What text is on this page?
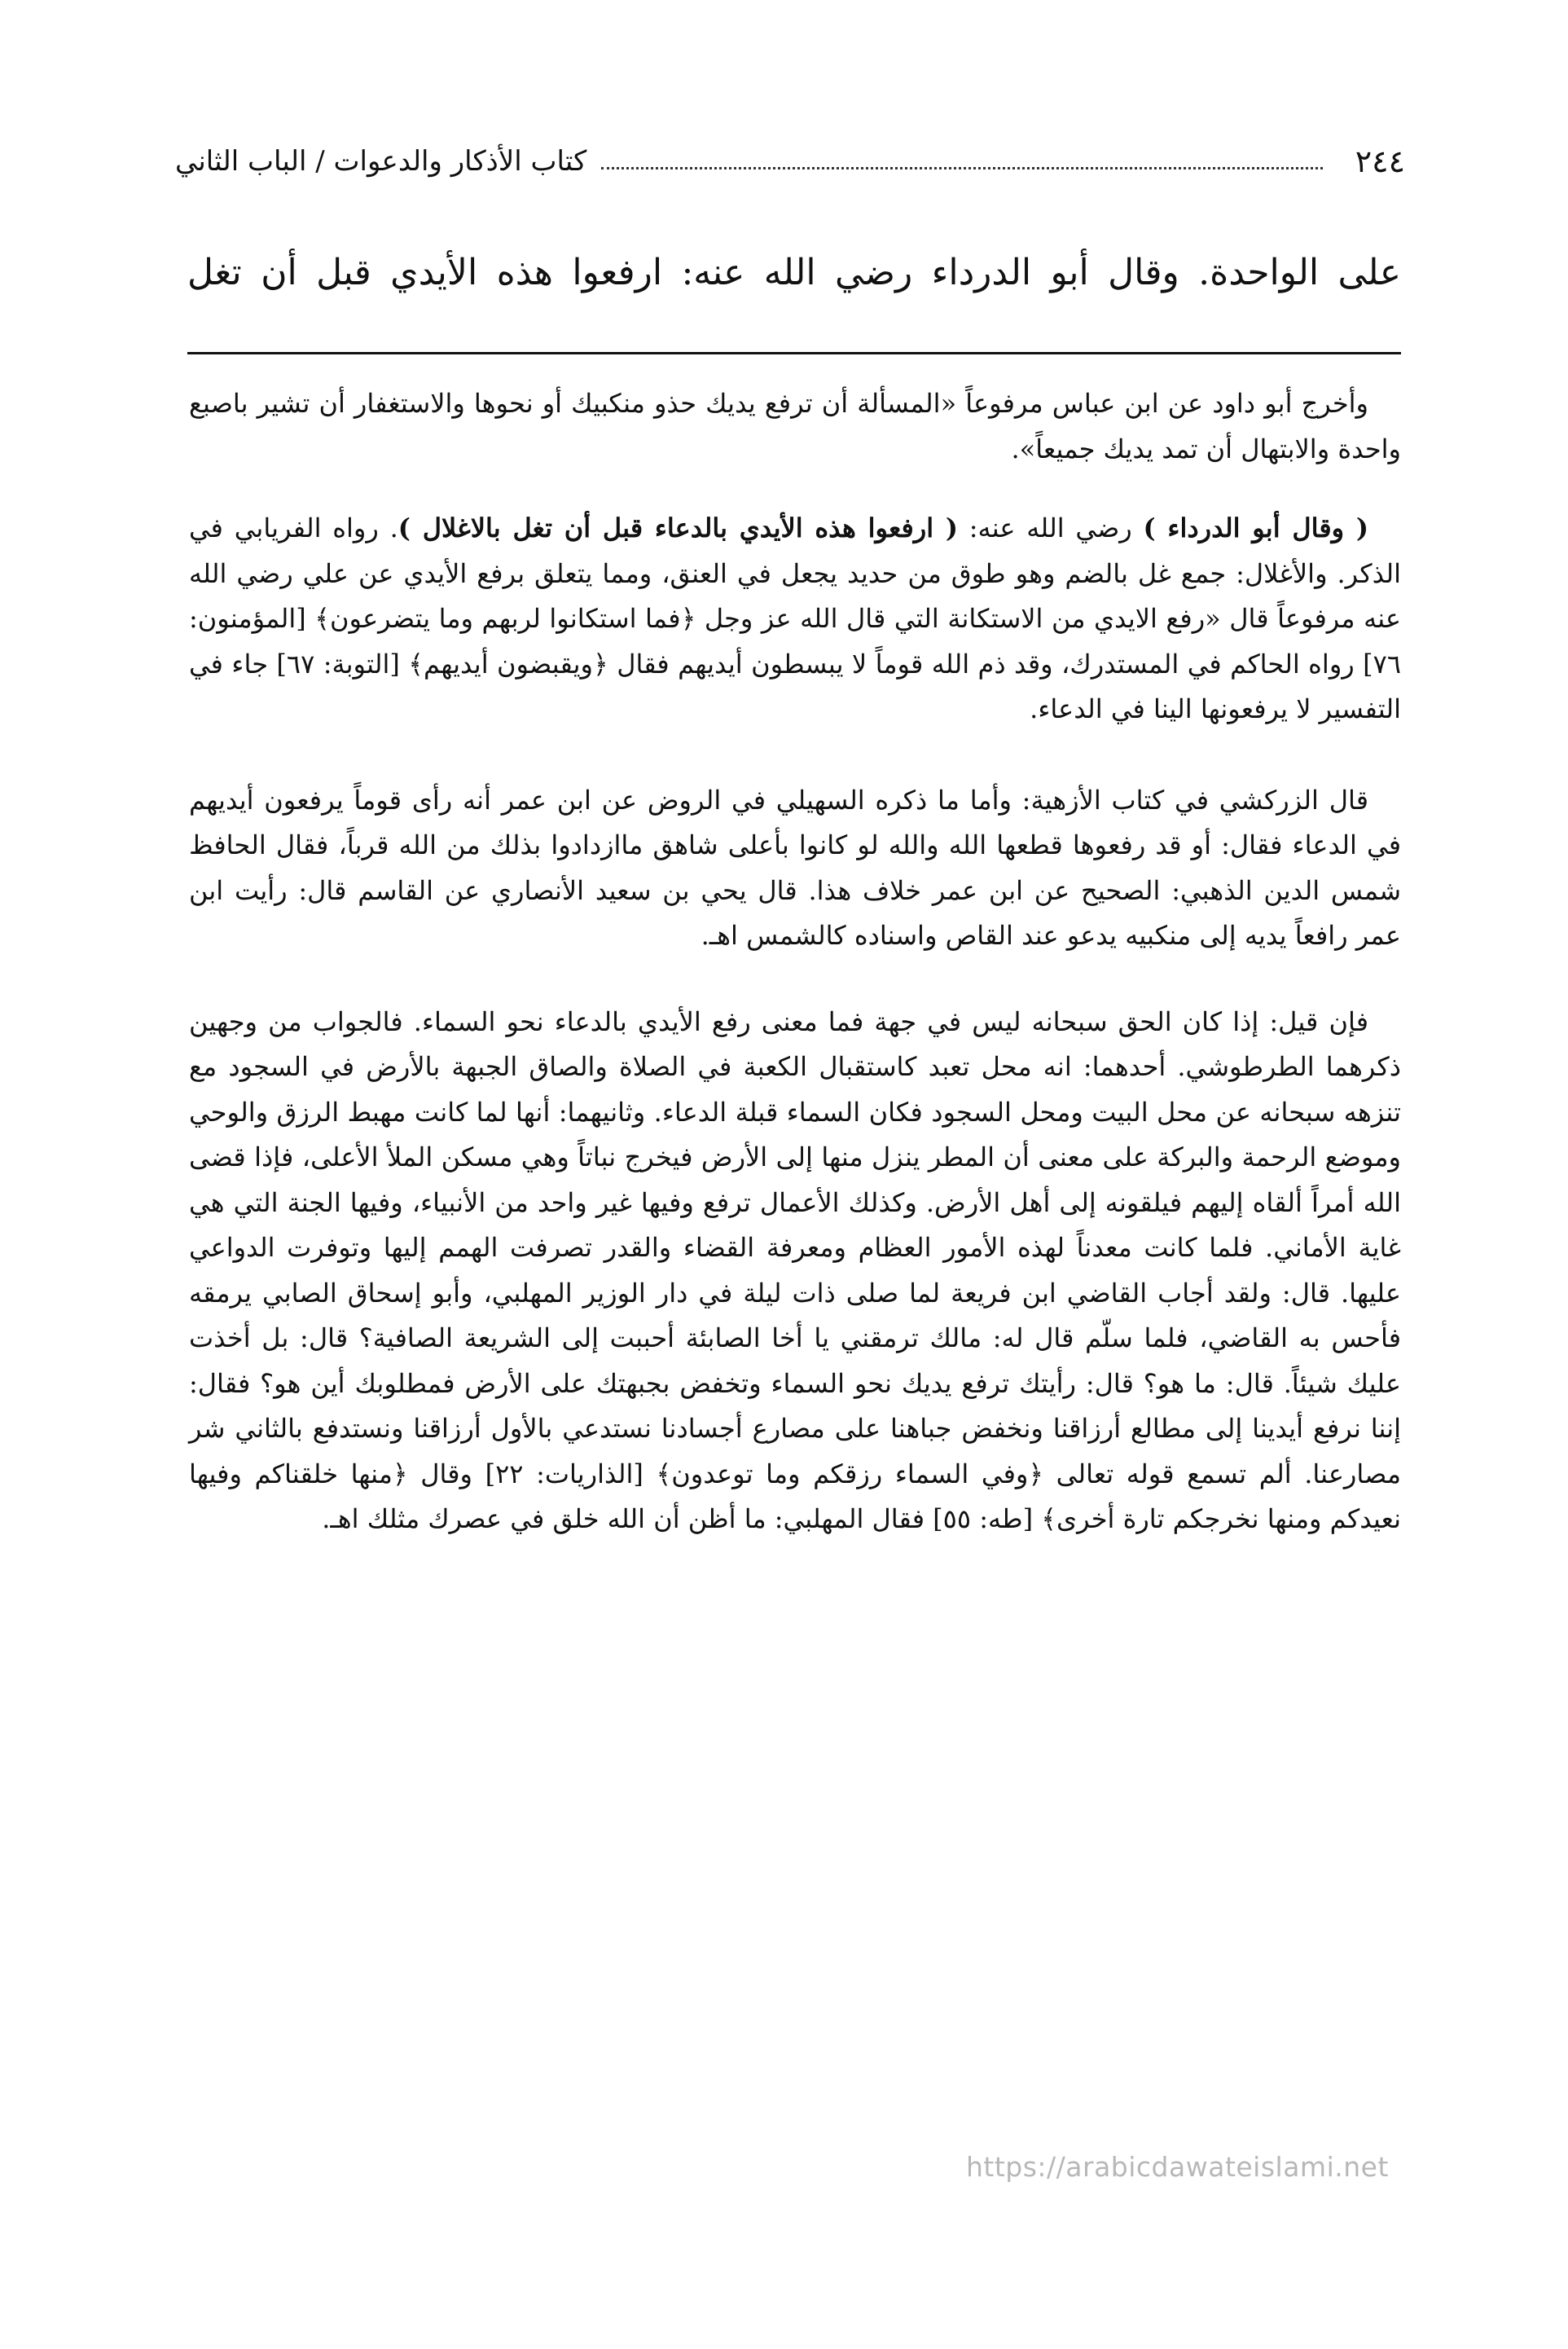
٢٤٤
كتاب الأذكار والدعوات / الباب الثاني
على الواحدة. وقال أبو الدرداء رضي الله عنه: ارفعوا هذه الأيدي قبل أن تغل

وأخرج أبو داود عن ابن عباس مرفوعاً «المسألة أن ترفع يديك حذو منكبيك أو نحوها والاستغفار أن تشير باصبع واحدة والابتهال أن تمد يديك جميعاً».

( وقال أبو الدرداء ) رضي الله عنه: ( ارفعوا هذه الأيدي بالدعاء قبل أن تغل بالاغلال ). رواه الفريابي في الذكر. والأغلال: جمع غل بالضم وهو طوق من حديد يجعل في العنق، ومما يتعلق برفع الأيدي عن علي رضي الله عنه مرفوعاً قال «رفع الايدي من الاستكانة التي قال الله عز وجل ﴿فما استكانوا لربهم وما يتضرعون﴾ [المؤمنون: ٧٦] رواه الحاكم في المستدرك، وقد ذم الله قوماً لا يبسطون أيديهم فقال ﴿ويقبضون أيديهم﴾ [التوبة: ٦٧] جاء في التفسير لا يرفعونها الينا في الدعاء.

قال الزركشي في كتاب الأزهية: وأما ما ذكره السهيلي في الروض عن ابن عمر أنه رأى قوماً يرفعون أيديهم في الدعاء فقال: أو قد رفعوها قطعها الله والله لو كانوا بأعلى شاهق ماازدادوا بذلك من الله قرباً، فقال الحافظ شمس الدين الذهبي: الصحيح عن ابن عمر خلاف هذا. قال يحي بن سعيد الأنصاري عن القاسم قال: رأيت ابن عمر رافعاً يديه إلى منكبيه يدعو عند القاص واسناده كالشمس اهـ.

فإن قيل: إذا كان الحق سبحانه ليس في جهة فما معنى رفع الأيدي بالدعاء نحو السماء. فالجواب من وجهين ذكرهما الطرطوشي. أحدهما: انه محل تعبد كاستقبال الكعبة في الصلاة والصاق الجبهة بالأرض في السجود مع تنزهه سبحانه عن محل البيت ومحل السجود فكان السماء قبلة الدعاء. وثانيهما: أنها لما كانت مهبط الرزق والوحي وموضع الرحمة والبركة على معنى أن المطر ينزل منها إلى الأرض فيخرج نباتاً وهي مسكن الملأ الأعلى، فإذا قضى الله أمراً ألقاه إليهم فيلقونه إلى أهل الأرض. وكذلك الأعمال ترفع وفيها غير واحد من الأنبياء، وفيها الجنة التي هي غاية الأماني. فلما كانت معدناً لهذه الأمور العظام ومعرفة القضاء والقدر تصرفت الهمم إليها وتوفرت الدواعي عليها. قال: ولقد أجاب القاضي ابن فريعة لما صلى ذات ليلة في دار الوزير المهلبي، وأبو إسحاق الصابي يرمقه فأحس به القاضي، فلما سلّم قال له: مالك ترمقني يا أخا الصابئة أحببت إلى الشريعة الصافية؟ قال: بل أخذت عليك شيئاً. قال: ما هو؟ قال: رأيتك ترفع يديك نحو السماء وتخفض بجبهتك على الأرض فمطلوبك أين هو؟ فقال: إننا نرفع أيدينا إلى مطالع أرزاقنا ونخفض جباهنا على مصارع أجسادنا نستدعي بالأول أرزاقنا ونستدفع بالثاني شر مصارعنا. ألم تسمع قوله تعالى ﴿وفي السماء رزقكم وما توعدون﴾ [الذاريات: ٢٢] وقال ﴿منها خلقناكم وفيها نعيدكم ومنها نخرجكم تارة أخرى﴾ [طه: ٥٥] فقال المهلبي: ما أظن أن الله خلق في عصرك مثلك اهـ.

https://arabicdawateislami.net
